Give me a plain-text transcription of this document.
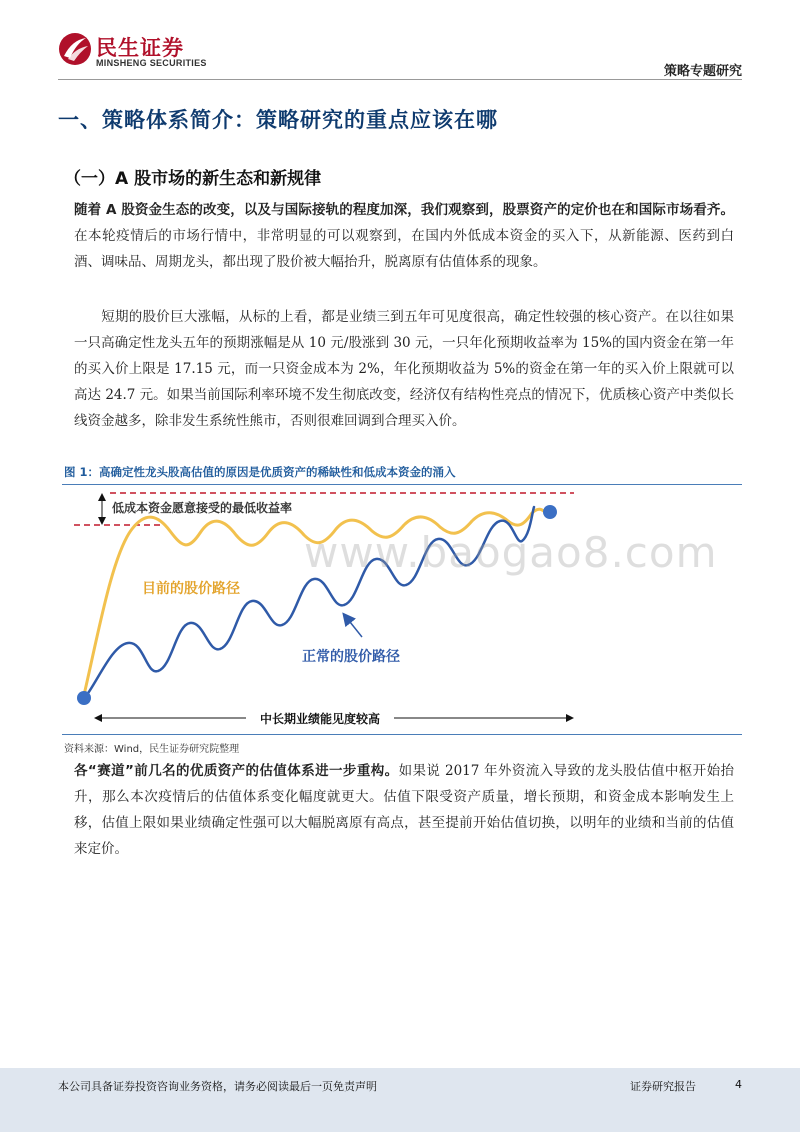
民生证券
MINSHENG SECURITIES
策略专题研究
一、策略体系简介：策略研究的重点应该在哪
（一）A 股市场的新生态和新规律

随着 A 股资金生态的改变，以及与国际接轨的程度加深，我们观察到，股票资产的定价也在和国际市场看齐。在本轮疫情后的市场行情中，非常明显的可以观察到，在国内外低成本资金的买入下，从新能源、医药到白酒、调味品、周期龙头，都出现了股价被大幅抬升，脱离原有估值体系的现象。

短期的股价巨大涨幅，从标的上看，都是业绩三到五年可见度很高，确定性较强的核心资产。在以往如果一只高确定性龙头五年的预期涨幅是从 10 元/股涨到 30 元，一只年化预期收益率为 15%的国内资金在第一年的买入价上限是 17.15 元，而一只资金成本为 2%，年化预期收益为 5%的资金在第一年的买入价上限就可以高达 24.7 元。如果当前国际利率环境不发生彻底改变，经济仅有结构性亮点的情况下，优质核心资产中类似长线资金越多，除非发生系统性熊市，否则很难回调到合理买入价。

图 1：高确定性龙头股高估值的原因是优质资产的稀缺性和低成本资金的涌入
低成本资金愿意接受的最低收益率
目前的股价路径
正常的股价路径
中长期业绩能见度较高
资料来源：Wind，民生证券研究院整理
www.baogao8.com

各“赛道”前几名的优质资产的估值体系进一步重构。如果说 2017 年外资流入导致的龙头股估值中枢开始抬升，那么本次疫情后的估值体系变化幅度就更大。估值下限受资产质量，增长预期，和资金成本影响发生上移，估值上限如果业绩确定性强可以大幅脱离原有高点，甚至提前开始估值切换，以明年的业绩和当前的估值来定价。

本公司具备证券投资咨询业务资格，请务必阅读最后一页免责声明	证券研究报告	4
